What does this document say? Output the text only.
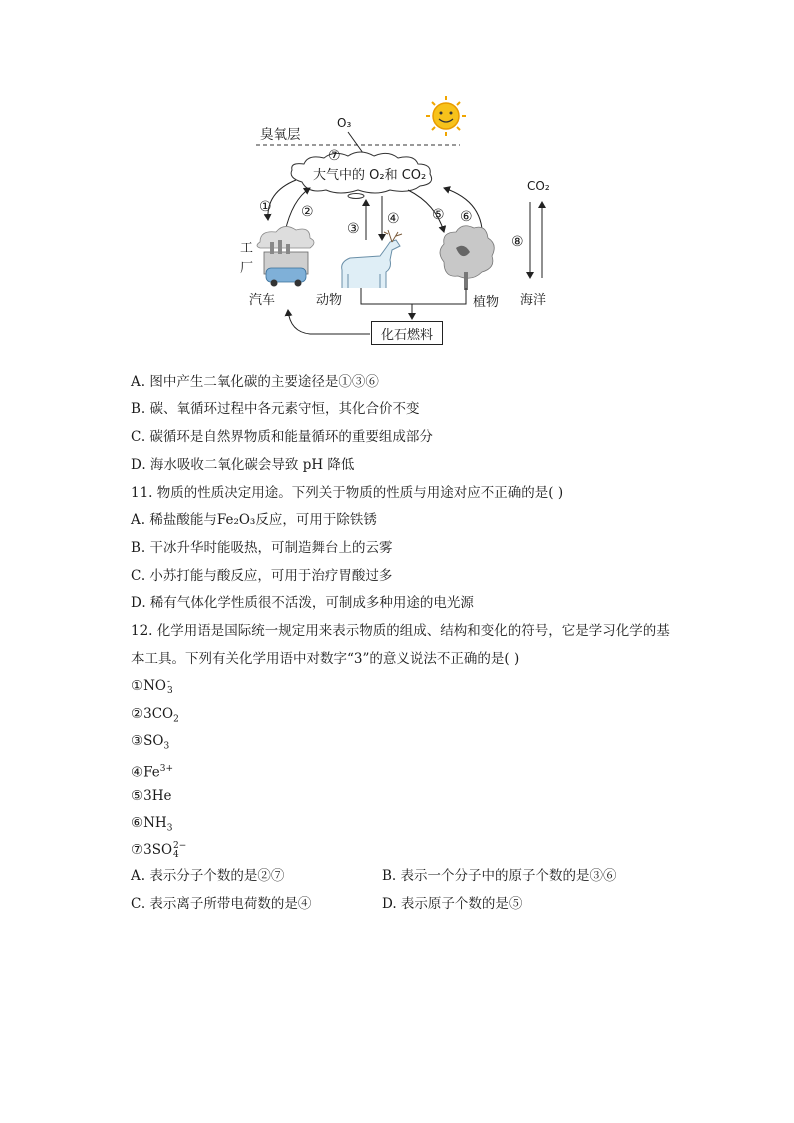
臭氧层
O₃
⑦
大气中的 O₂和 CO₂
CO₂
① ②
③
④ ⑤ ⑥
⑧
工
厂
汽车	动物	植物 海洋
化石燃料
A. 图中产生二氧化碳的主要途径是①③⑥
B. 碳、氧循环过程中各元素守恒，其化合价不变
C. 碳循环是自然界物质和能量循环的重要组成部分
D. 海水吸收二氧化碳会导致 pH 降低
11. 物质的性质决定用途。下列关于物质的性质与用途对应不正确的是( )
A. 稀盐酸能与Fe₂O₃反应，可用于除铁锈
B. 干冰升华时能吸热，可制造舞台上的云雾
C. 小苏打能与酸反应，可用于治疗胃酸过多
D. 稀有气体化学性质很不活泼，可制成多种用途的电光源
12. 化学用语是国际统一规定用来表示物质的组成、结构和变化的符号，它是学习化学的基
本工具。下列有关化学用语中对数字“3”的意义说法不正确的是( )
①NO -
3
$②3CO_2$
$③SO_3$
$④Fe^{3+}$
⑤3He
$⑥NH_3$
⑦3SO 2−
4
A. 表示分子个数的是②⑦	B. 表示一个分子中的原子个数的是③⑥
C. 表示离子所带电荷数的是④	D. 表示原子个数的是⑤
